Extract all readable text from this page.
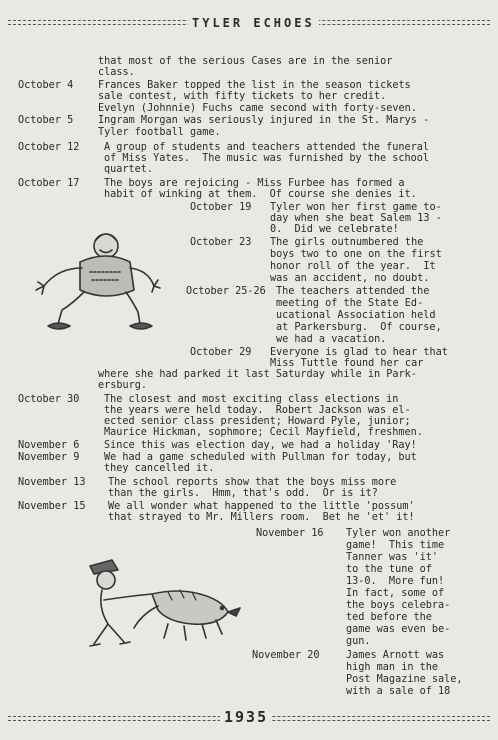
TYLER ECHOES
that most of the serious Cases are in the senior
class.
October 4 Frances Baker topped the list in the season tickets
sale contest, with fifty tickets to her credit.
Evelyn (Johnnie) Fuchs came second with forty-seven.
October 5 Ingram Morgan was seriously injured in the St. Marys -
Tyler football game.
October 12 A group of students and teachers attended the funeral
of Miss Yates.  The music was furnished by the school
quartet.
October 17 The boys are rejoicing - Miss Furbee has formed a
habit of winking at them.  Of course she denies it.
October 19 Tyler won her first game to-
day when she beat Salem 13 -
0.  Did we celebrate!
October 23 The girls outnumbered the
boys two to one on the first
honor roll of the year.  It
was an accident, no doubt.
October 25-26 The teachers attended the
meeting of the State Ed-
ucational Association held
at Parkersburg.  Of course,
we had a vacation.
October 29 Everyone is glad to hear that
Miss Tuttle found her car
where she had parked it last Saturday while in Park-
ersburg.
October 30 The closest and most exciting class elections in
the years were held today.  Robert Jackson was el-
ected senior class president; Howard Pyle, junior;
Maurice Hickman, sophmore; Cecil Mayfield, freshmen.
November 6 Since this was election day, we had a holiday 'Ray!
November 9 We had a game scheduled with Pullman for today, but
they cancelled it.
November 13 The school reports show that the boys miss more
than the girls.  Hmm, that's odd.  Or is it?
November 15 We all wonder what happened to the little 'possum'
that strayed to Mr. Millers room.  Bet he 'et' it!
November 16 Tyler won another
game!  This time
Tanner was 'it'
to the tune of
13-0.  More fun!
In fact, some of
the boys celebra-
ted before the
game was even be-
gun.
November 20	James Arnott was
high man in the
Post Magazine sale,
with a sale of 18
1935
